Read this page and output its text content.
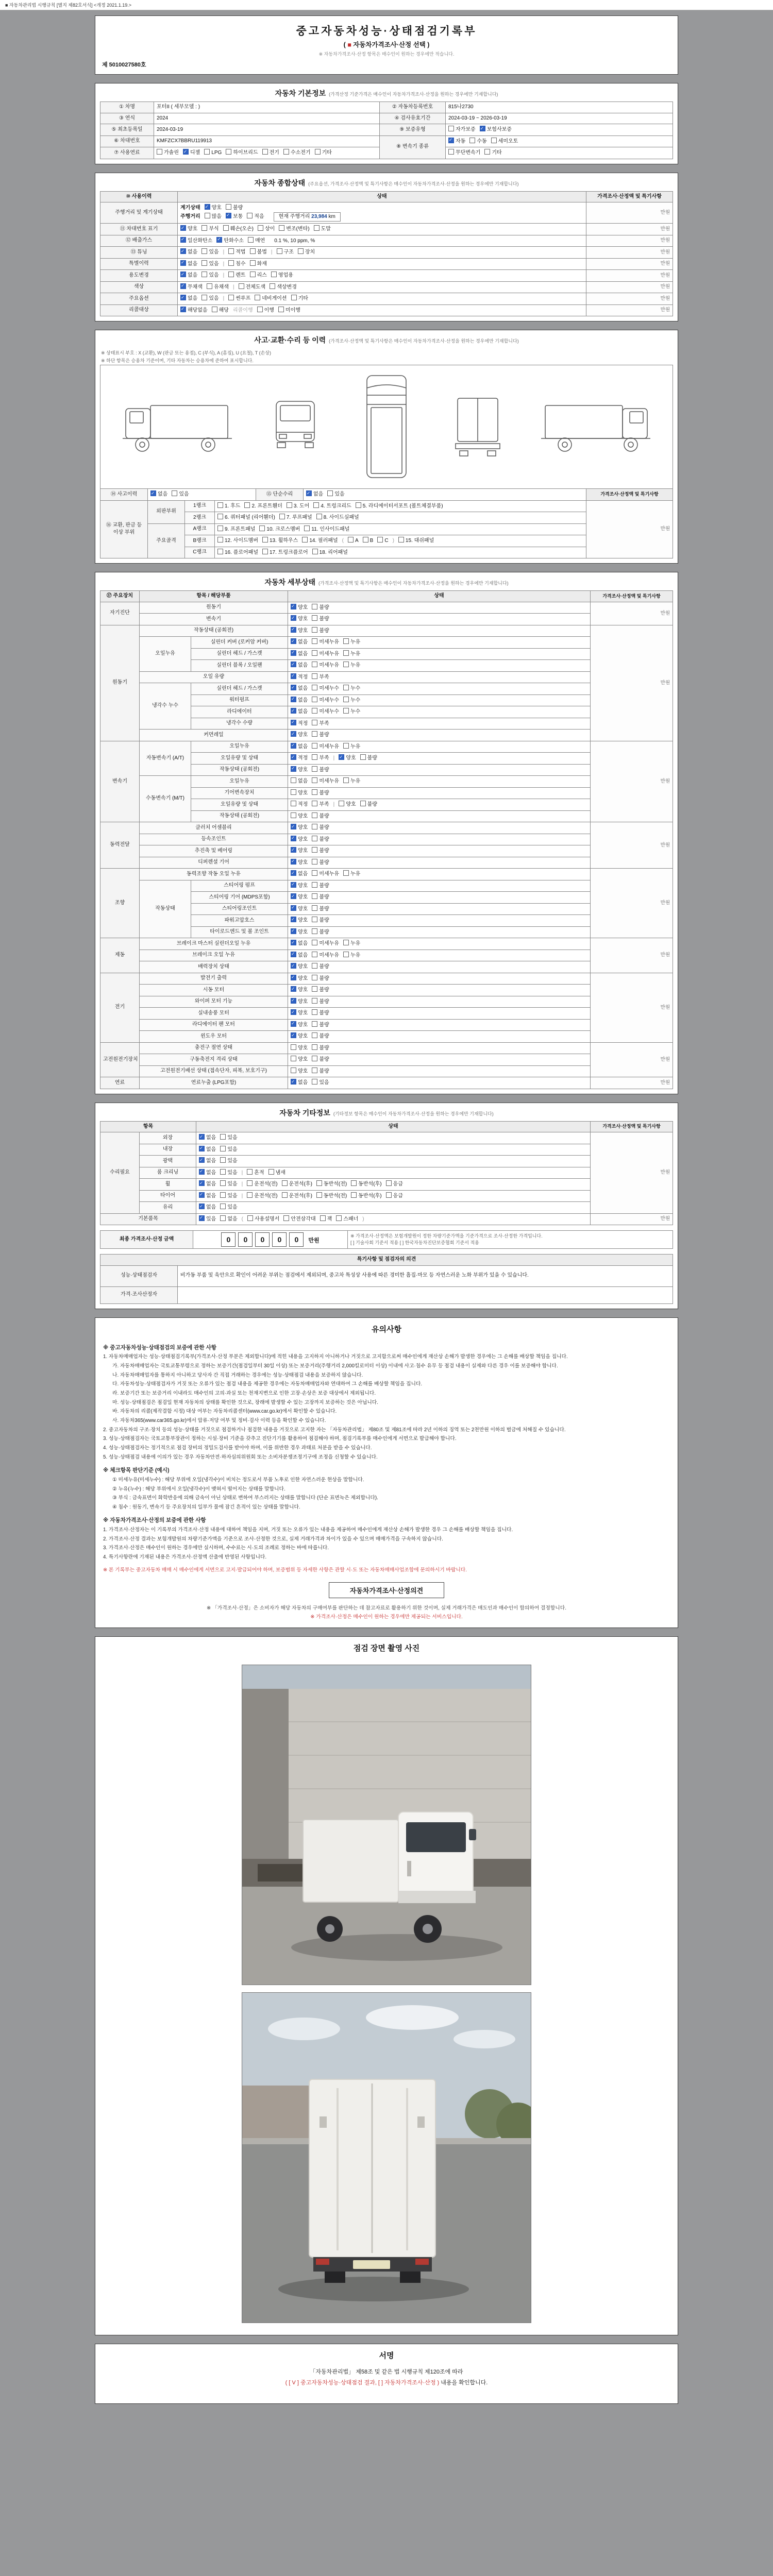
■ 자동차관리법 시행규칙 [별지 제82호서식] <개정 2021.1.19.>
중고자동차성능·상태점검기록부
( ■ 자동차가격조사·산정 선택 )
※ 자동차가격조사·산정 항목은 매수인이 원하는 경우에만 적습니다.
제 5010027580호
자동차 기본정보 (가격산정 기준가격은 매수인이 자동차가격조사·산정을 원하는 경우에만 기재합니다)
① 차명	포터II ( 세부모델 : )	② 자동차등록번호	815나2730
③ 연식	2024	④ 검사유효기간	2024-03-19 ~ 2026-03-19
⑤ 최초등록일	2024-03-19	⑨ 보증유형	자가보증 ✓ 보험사보증
⑥ 차대번호	KMFZCX7BBRU119913	⑧ 변속기 종류	✓자동 수동 세미오토
⑦ 사용연료	가솔린 ✓ 디젤 LPG 하이브리드 전기 수소전기 기타		무단변속기 기타
자동차 종합상태 (주요옵션, 가격조사·산정액 및 특기사항은 매수인이 자동차가격조사·산정을 원하는 경우에만 기재합니다)
⑩ 사용이력	상태	가격조사·산정액 및 특기사항
주행거리 및 계기상태	계기상태 ✓ 양호 불량
주행거리 많음 ✓ 보통 적음 현재 주행거리 23,984 km	만원
⑪ 차대번호 표기	✓양호 부식 훼손(오손) 상이 변조(변타) 도말	만원
⑫ 배출가스	✓일산화탄소 ✓ 탄화수소 매연 0.1 %, 10 ppm, %	만원
⑬ 튜닝	✓없음 있음 | 적법 불법 | 구조 장치	만원
특별이력	✓없음 있음 | 침수 화재	만원
용도변경	✓없음 있음 | 렌트 리스 영업용	만원
색상	✓무채색 유채색 | 전체도색 색상변경	만원
주요옵션	✓없음 있음 | 썬루프 네비게이션 기타	만원
리콜대상	✓해당없음 해당 리콜이행 이행 미이행	만원
사고·교환·수리 등 이력 (가격조사·산정액 및 특기사항은 매수인이 자동차가격조사·산정을 원하는 경우에만 기재합니다)
※ 상태표시 부호 : X (교환), W (판금 또는 용접), C (부식), A (흠집), U (요철), T (손상)
※ 하단 항목은 승용차 기준이며, 기타 자동차는 승용차에 준하여 표시합니다.
⑭ 사고이력	✓없음 있음	⑮ 단순수리	✓없음 있음	가격조사·산정액 및 특기사항
⑯ 교환, 판금 등 이상 부위	외판부위	1랭크	1. 후드 2. 프론트휀더 3. 도어 4. 트렁크리드 5. 라디에이터서포트 (볼트체결부품)	만원
		2랭크	6. 쿼터패널 (리어휀더) 7. 루프패널 8. 사이드실패널	
	주요골격	A랭크	9. 프론트패널 10. 크로스멤버 11. 인사이드패널	
		B랭크	12. 사이드멤버 13. 휠하우스 14. 필러패널 ( A B C ) 15. 대쉬패널	
		C랭크	16. 플로어패널 17. 트렁크플로어 18. 리어패널	
자동차 세부상태 (가격조사·산정액 및 특기사항은 매수인이 자동차가격조사·산정을 원하는 경우에만 기재합니다)
⑰ 주요장치	항목 / 해당부품		상태	가격조사·산정액 및 특기사항
자기진단	원동기	✓양호 불량	만원
	변속기	✓양호 불량
원동기	작동상태 (공회전)	✓양호 불량	만원
	오일누유	실린더 커버 (로커암 커버)	✓없음 미세누유 누유
		실린더 헤드 / 가스켓	✓없음 미세누유 누유
		실린더 블록 / 오일팬	✓없음 미세누유 누유
	오일 유량	✓적정 부족
	냉각수 누수	실린더 헤드 / 가스켓	✓없음 미세누수 누수
		워터펌프	✓없음 미세누수 누수
		라디에이터	✓없음 미세누수 누수
		냉각수 수량	✓적정 부족
	커먼레일	✓양호 불량
변속기	자동변속기 (A/T)	오일누유	✓없음 미세누유 누유	만원
		오일유량 및 상태	✓적정 부족 | ✓ 양호 불량
		작동상태 (공회전)	✓양호 불량
	수동변속기 (M/T)	오일누유	없음 미세누유 누유	
		기어변속장치	양호 불량	
		오일유량 및 상태	적정 부족 | 양호 불량	
		작동상태 (공회전)	양호 불량	
동력전달	클러치 어셈블리	✓양호 불량	만원
	등속조인트	✓양호 불량
	추진축 및 베어링	✓양호 불량
	디퍼렌셜 기어	✓양호 불량
조향	동력조향 작동 오일 누유	✓없음 미세누유 누유	만원
	작동상태	스티어링 펌프	✓양호 불량
		스티어링 기어 (MDPS포함)	✓양호 불량
		스티어링조인트	✓양호 불량
		파워고압호스	✓양호 불량
		타이로드엔드 및 볼 조인트	✓양호 불량
제동	브레이크 마스터 실린더오일 누유	✓없음 미세누유 누유	만원
	브레이크 오일 누유	✓없음 미세누유 누유
	배력장치 상태	✓양호 불량
전기	발전기 출력	✓양호 불량	만원
	시동 모터	✓양호 불량
	와이퍼 모터 기능	✓양호 불량
	실내송풍 모터	✓양호 불량
	라디에이터 팬 모터	✓양호 불량
	윈도우 모터	✓양호 불량
고전원전기장치	충전구 절연 상태		양호 불량	만원
	구동축전지 격리 상태		양호 불량	
	고전원전기배선 상태 (접속단자, 피복, 보호기구)		양호 불량	
연료	연료누출 (LPG포함)	✓없음 있음	만원
자동차 기타정보 (기타정보 항목은 매수인이 자동차가격조사·산정을 원하는 경우에만 기재합니다)
항목		상태	가격조사·산정액 및 특기사항
수리필요	외장	✓없음 있음	만원
	내장	✓없음 있음
	광택	✓없음 있음
	룸 크리닝	✓없음 있음 | 흔적 냄새
	휠	✓없음 있음 | 운전석(전) 운전석(후) 동반석(전) 동반석(후) 응급
	타이어	✓없음 있음 | 운전석(전) 운전석(후) 동반석(전) 동반석(후) 응급
	유리	✓없음 있음
기본품목	✓있음 없음 ( 사용설명서 안전삼각대 잭 스패너 )	만원
최종 가격조사·산정 금액	0 0 0 0 0 만원	
※ 가격조사·산정액은 보험개발원이 정한 차량기준가액을 기준가격으로 조사·산정한 가격입니다.
[ ] 기술사회 기준서 적용 [ ] 한국자동차진단보증협회 기준서 적용
특기사항 및 점검자의 의견	
성능·상태점검자	비가동 부품 및 육안으로 확인이 어려운 부위는 점검에서 제외되며, 중고차 특성상 사용에 따른 경미한 흠집·마모 등 자연스러운 노화 부위가 있을 수 있습니다.
가격·조사산정자	
유의사항
※ 중고자동차성능·상태점검의 보증에 관한 사항
1. 자동차매매업자는 성능·상태점검기록부(가격조사·산정 부분은 제외합니다)에 적힌 내용을 고지하지 아니하거나 거짓으로 고지함으로써 매수인에게 재산상 손해가 발생한 경우에는 그 손해를 배상할 책임을 집니다.
가. 자동차매매업자는 국토교통부령으로 정하는 보증기간(점검일부터 30일 이상) 또는 보증거리(주행거리 2,000킬로미터 이상) 이내에 사고·침수 유무 등 점검 내용이 실제와 다른 경우 이를 보증해야 합니다.
나. 자동차매매업자를 통하지 아니하고 당사자 간 직접 거래하는 경우에는 성능·상태점검 내용을 보증하지 않습니다.
다. 자동차성능·상태점검자가 거짓 또는 오류가 있는 점검 내용을 제공한 경우에는 자동차매매업자와 연대하여 그 손해를 배상할 책임을 집니다.
라. 보증기간 또는 보증거리 이내라도 매수인의 고의·과실 또는 천재지변으로 인한 고장·손상은 보증 대상에서 제외됩니다.
마. 성능·상태점검은 점검일 현재 자동차의 상태를 확인한 것으로, 장래에 발생할 수 있는 고장까지 보증하는 것은 아닙니다.
바. 자동차의 리콜(제작결함 시정) 대상 여부는 자동차리콜센터(www.car.go.kr)에서 확인할 수 있습니다.
사. 자동차365(www.car365.go.kr)에서 압류·저당 여부 및 정비·검사 이력 등을 확인할 수 있습니다.
2. 중고자동차의 구조·장치 등의 성능·상태를 거짓으로 점검하거나 점검한 내용을 거짓으로 고지한 자는 「자동차관리법」 제80조 및 제81조에 따라 2년 이하의 징역 또는 2천만원 이하의 벌금에 처해질 수 있습니다.
3. 성능·상태점검자는 국토교통부장관이 정하는 시설·장비 기준을 갖추고 진단기기를 활용하여 점검해야 하며, 점검기록부를 매수인에게 서면으로 발급해야 합니다.
4. 성능·상태점검자는 정기적으로 점검 장비의 정밀도검사를 받아야 하며, 이를 위반한 경우 과태료 처분을 받을 수 있습니다.
5. 성능·상태점검 내용에 이의가 있는 경우 자동차안전·하자심의위원회 또는 소비자분쟁조정기구에 조정을 신청할 수 있습니다.
※ 체크항목 판단기준 (예시)
① 미세누유(미세누수) : 해당 부위에 오일(냉각수)이 비치는 정도로서 부품 노후로 인한 자연스러운 현상을 말합니다.
② 누유(누수) : 해당 부위에서 오일(냉각수)이 맺혀서 떨어지는 상태를 말합니다.
③ 부식 : 금속표면이 화학반응에 의해 금속이 아닌 상태로 변하여 부스러지는 상태를 말합니다 (단순 표면녹은 제외합니다).
④ 침수 : 원동기, 변속기 등 주요장치의 일부가 물에 잠긴 흔적이 있는 상태를 말합니다.
※ 자동차가격조사·산정의 보증에 관한 사항
1. 가격조사·산정자는 이 기록부의 가격조사·산정 내용에 대하여 책임을 지며, 거짓 또는 오류가 있는 내용을 제공하여 매수인에게 재산상 손해가 발생한 경우 그 손해를 배상할 책임을 집니다.
2. 가격조사·산정 결과는 보험개발원의 차량기준가액을 기준으로 조사·산정한 것으로, 실제 거래가격과 차이가 있을 수 있으며 매매가격을 구속하지 않습니다.
3. 가격조사·산정은 매수인이 원하는 경우에만 실시하며, 수수료는 시·도의 조례로 정하는 바에 따릅니다.
4. 특기사항란에 기재된 내용은 가격조사·산정액 산출에 반영된 사항입니다.
※ 본 기록부는 중고자동차 매매 시 매수인에게 서면으로 고지·발급되어야 하며, 보증범위 등 자세한 사항은 관할 시·도 또는 자동차매매사업조합에 문의하시기 바랍니다.
자동차가격조사·산정의견
※ 「가격조사·산정」은 소비자가 해당 자동차의 구매여부를 판단하는 데 참고자료로 활용하기 위한 것이며, 실제 거래가격은 매도인과 매수인이 합의하여 결정합니다.
※ 가격조사·산정은 매수인이 원하는 경우에만 제공되는 서비스입니다.
점검 장면 촬영 사진
서명
「자동차관리법」 제58조 및 같은 법 시행규칙 제120조에 따라
( [ V ] 중고자동차성능·상태점검 결과, [ ] 자동차가격조사·산정 ) 내용을 확인합니다.
